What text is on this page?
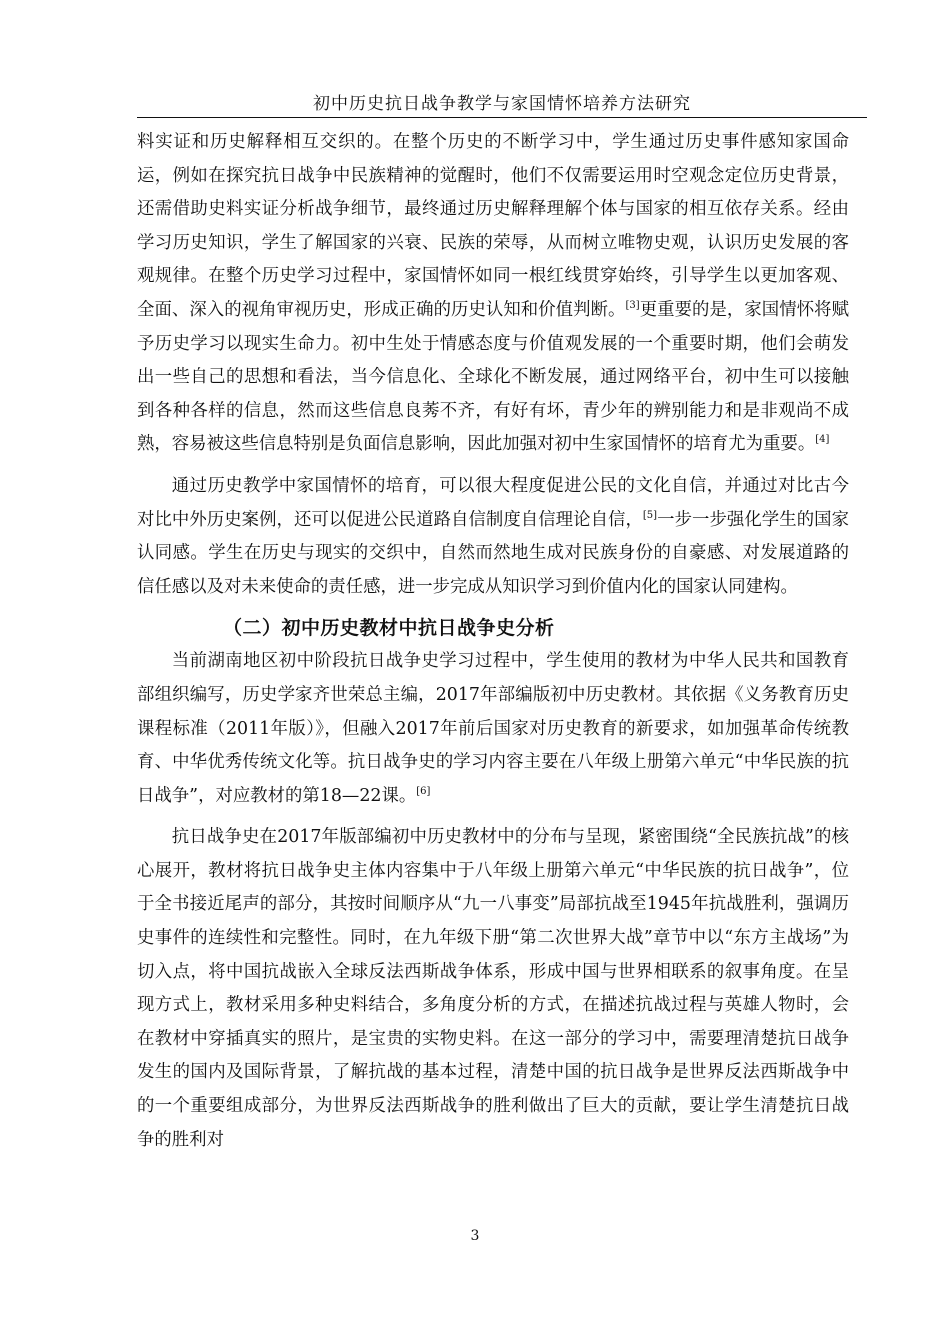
初中历史抗日战争教学与家国情怀培养方法研究

料实证和历史解释相互交织的。在整个历史的不断学习中，学生通过历史事件感知家国命运，例如在探究抗日战争中民族精神的觉醒时，他们不仅需要运用时空观念定位历史背景，还需借助史料实证分析战争细节，最终通过历史解释理解个体与国家的相互依存关系。经由学习历史知识，学生了解国家的兴衰、民族的荣辱，从而树立唯物史观，认识历史发展的客观规律。在整个历史学习过程中，家国情怀如同一根红线贯穿始终，引导学生以更加客观、全面、深入的视角审视历史，形成正确的历史认知和价值判断。[3]更重要的是，家国情怀将赋予历史学习以现实生命力。初中生处于情感态度与价值观发展的一个重要时期，他们会萌发出一些自己的思想和看法，当今信息化、全球化不断发展，通过网络平台，初中生可以接触到各种各样的信息，然而这些信息良莠不齐，有好有坏，青少年的辨别能力和是非观尚不成熟，容易被这些信息特别是负面信息影响，因此加强对初中生家国情怀的培育尤为重要。[4]

通过历史教学中家国情怀的培育，可以很大程度促进公民的文化自信，并通过对比古今对比中外历史案例，还可以促进公民道路自信制度自信理论自信，[5]一步一步强化学生的国家认同感。学生在历史与现实的交织中，自然而然地生成对民族身份的自豪感、对发展道路的信任感以及对未来使命的责任感，进一步完成从知识学习到价值内化的国家认同建构。

（二）初中历史教材中抗日战争史分析

当前湖南地区初中阶段抗日战争史学习过程中，学生使用的教材为中华人民共和国教育部组织编写，历史学家齐世荣总主编，2017年部编版初中历史教材。其依据《义务教育历史课程标准（2011年版）》，但融入2017年前后国家对历史教育的新要求，如加强革命传统教育、中华优秀传统文化等。抗日战争史的学习内容主要在八年级上册第六单元“中华民族的抗日战争”，对应教材的第18—22课。[6]

抗日战争史在2017年版部编初中历史教材中的分布与呈现，紧密围绕“全民族抗战”的核心展开，教材将抗日战争史主体内容集中于八年级上册第六单元“中华民族的抗日战争”，位于全书接近尾声的部分，其按时间顺序从“九一八事变”局部抗战至1945年抗战胜利，强调历史事件的连续性和完整性。同时，在九年级下册“第二次世界大战”章节中以“东方主战场”为切入点，将中国抗战嵌入全球反法西斯战争体系，形成中国与世界相联系的叙事角度。在呈现方式上，教材采用多种史料结合，多角度分析的方式，在描述抗战过程与英雄人物时，会在教材中穿插真实的照片，是宝贵的实物史料。在这一部分的学习中，需要理清楚抗日战争发生的国内及国际背景，了解抗战的基本过程，清楚中国的抗日战争是世界反法西斯战争中的一个重要组成部分，为世界反法西斯战争的胜利做出了巨大的贡献，要让学生清楚抗日战争的胜利对

3
